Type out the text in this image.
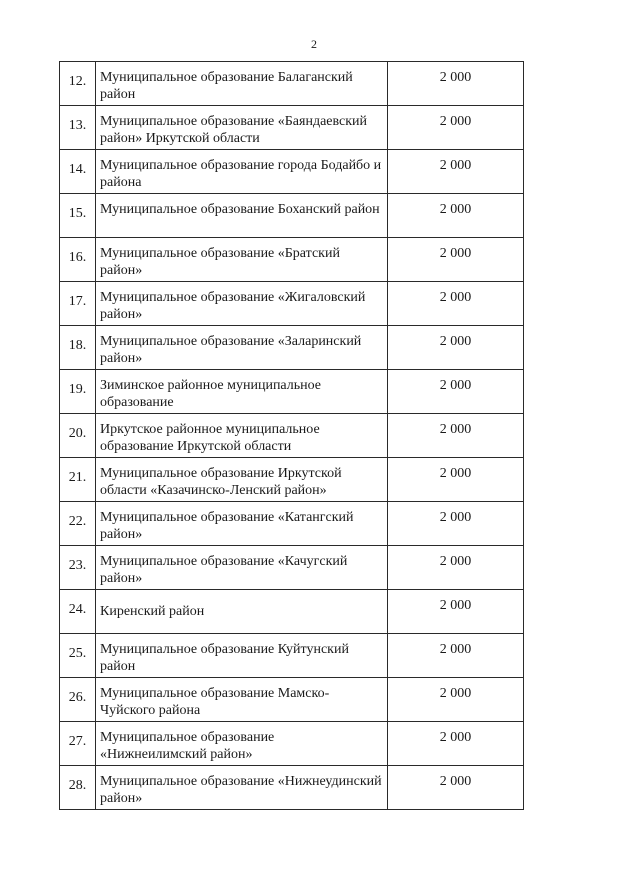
2
12.	Муниципальное образование Балаганский район	2 000
13.	Муниципальное образование «Баяндаевский район» Иркутской области	2 000
14.	Муниципальное образование города Бодайбо и района	2 000
15.	Муниципальное образование Боханский район	2 000
16.	Муниципальное образование «Братский район»	2 000
17.	Муниципальное образование «Жигаловский район»	2 000
18.	Муниципальное образование «Заларинский район»	2 000
19.	Зиминское районное муниципальное образование	2 000
20.	Иркутское районное муниципальное образование Иркутской области	2 000
21.	Муниципальное образование Иркутской области «Казачинско-Ленский район»	2 000
22.	Муниципальное образование «Катангский район»	2 000
23.	Муниципальное образование «Качугский район»	2 000
24.	Киренский район	2 000
25.	Муниципальное образование Куйтунский район	2 000
26.	Муниципальное образование Мамско-Чуйского района	2 000
27.	Муниципальное образование «Нижнеилимский район»	2 000
28.	Муниципальное образование «Нижнеудинский район»	2 000
